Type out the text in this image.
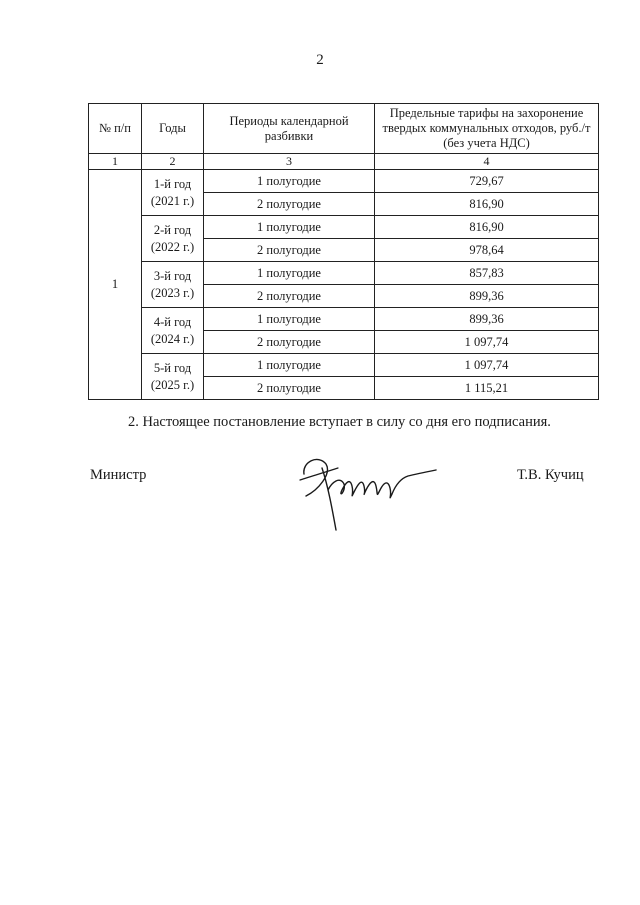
2
№ п/п	Годы	Периоды календарной разбивки	Предельные тарифы на захоронение твердых коммунальных отходов, руб./т (без учета НДС)
1	2	3	4
1	1-й год (2021 г.)	1 полугодие	729,67
		2 полугодие	816,90
	2-й год (2022 г.)	1 полугодие	816,90
		2 полугодие	978,64
	3-й год (2023 г.)	1 полугодие	857,83
		2 полугодие	899,36
	4-й год (2024 г.)	1 полугодие	899,36
		2 полугодие	1 097,74
	5-й год (2025 г.)	1 полугодие	1 097,74
		2 полугодие	1 115,21
2. Настоящее постановление вступает в силу со дня его подписания.
Министр	Т.В. Кучиц
